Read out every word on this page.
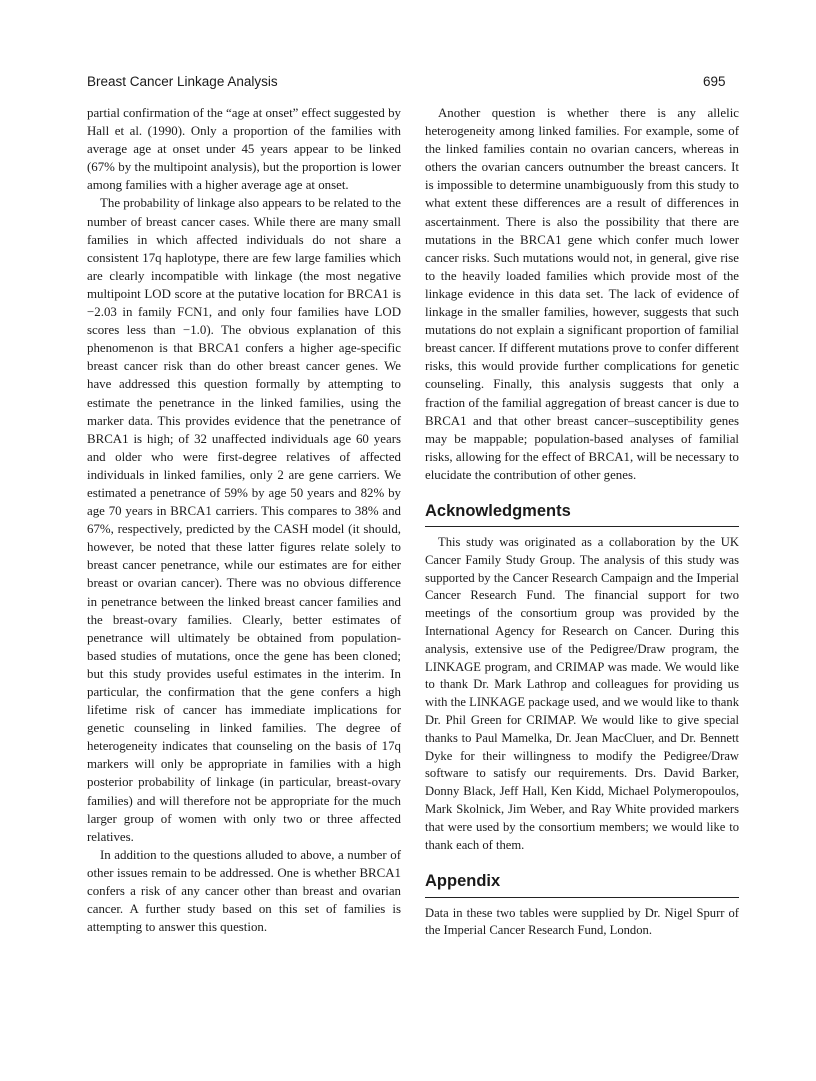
Breast Cancer Linkage Analysis	695

partial confirmation of the “age at onset” effect suggested by Hall et al. (1990). Only a proportion of the families with average age at onset under 45 years appear to be linked (67% by the multipoint analysis), but the proportion is lower among families with a higher average age at onset.

The probability of linkage also appears to be related to the number of breast cancer cases. While there are many small families in which affected individuals do not share a consistent 17q haplotype, there are few large families which are clearly incompatible with linkage (the most negative multipoint LOD score at the putative location for BRCA1 is −2.03 in family FCN1, and only four families have LOD scores less than −1.0). The obvious explanation of this phenomenon is that BRCA1 confers a higher age-specific breast cancer risk than do other breast cancer genes. We have addressed this question formally by attempting to estimate the penetrance in the linked families, using the marker data. This provides evidence that the penetrance of BRCA1 is high; of 32 unaffected individuals age 60 years and older who were first-degree relatives of affected individuals in linked families, only 2 are gene carriers. We estimated a penetrance of 59% by age 50 years and 82% by age 70 years in BRCA1 carriers. This compares to 38% and 67%, respectively, predicted by the CASH model (it should, however, be noted that these latter figures relate solely to breast cancer penetrance, while our estimates are for either breast or ovarian cancer). There was no obvious difference in penetrance between the linked breast cancer families and the breast-ovary families. Clearly, better estimates of penetrance will ultimately be obtained from population-based studies of mutations, once the gene has been cloned; but this study provides useful estimates in the interim. In particular, the confirmation that the gene confers a high lifetime risk of cancer has immediate implications for genetic counseling in linked families. The degree of heterogeneity indicates that counseling on the basis of 17q markers will only be appropriate in families with a high posterior probability of linkage (in particular, breast-ovary families) and will therefore not be appropriate for the much larger group of women with only two or three affected relatives.

In addition to the questions alluded to above, a number of other issues remain to be addressed. One is whether BRCA1 confers a risk of any cancer other than breast and ovarian cancer. A further study based on this set of families is attempting to answer this question.

Another question is whether there is any allelic heterogeneity among linked families. For example, some of the linked families contain no ovarian cancers, whereas in others the ovarian cancers outnumber the breast cancers. It is impossible to determine unambiguously from this study to what extent these differences are a result of differences in ascertainment. There is also the possibility that there are mutations in the BRCA1 gene which confer much lower cancer risks. Such mutations would not, in general, give rise to the heavily loaded families which provide most of the linkage evidence in this data set. The lack of evidence of linkage in the smaller families, however, suggests that such mutations do not explain a significant proportion of familial breast cancer. If different mutations prove to confer different risks, this would provide further complications for genetic counseling. Finally, this analysis suggests that only a fraction of the familial aggregation of breast cancer is due to BRCA1 and that other breast cancer–susceptibility genes may be mappable; population-based analyses of familial risks, allowing for the effect of BRCA1, will be necessary to elucidate the contribution of other genes.

Acknowledgments

This study was originated as a collaboration by the UK Cancer Family Study Group. The analysis of this study was supported by the Cancer Research Campaign and the Imperial Cancer Research Fund. The financial support for two meetings of the consortium group was provided by the International Agency for Research on Cancer. During this analysis, extensive use of the Pedigree/Draw program, the LINKAGE program, and CRIMAP was made. We would like to thank Dr. Mark Lathrop and colleagues for providing us with the LINKAGE package used, and we would like to thank Dr. Phil Green for CRIMAP. We would like to give special thanks to Paul Mamelka, Dr. Jean MacCluer, and Dr. Bennett Dyke for their willingness to modify the Pedigree/Draw software to satisfy our requirements. Drs. David Barker, Donny Black, Jeff Hall, Ken Kidd, Michael Polymeropoulos, Mark Skolnick, Jim Weber, and Ray White provided markers that were used by the consortium members; we would like to thank each of them.

Appendix

Data in these two tables were supplied by Dr. Nigel Spurr of the Imperial Cancer Research Fund, London.
